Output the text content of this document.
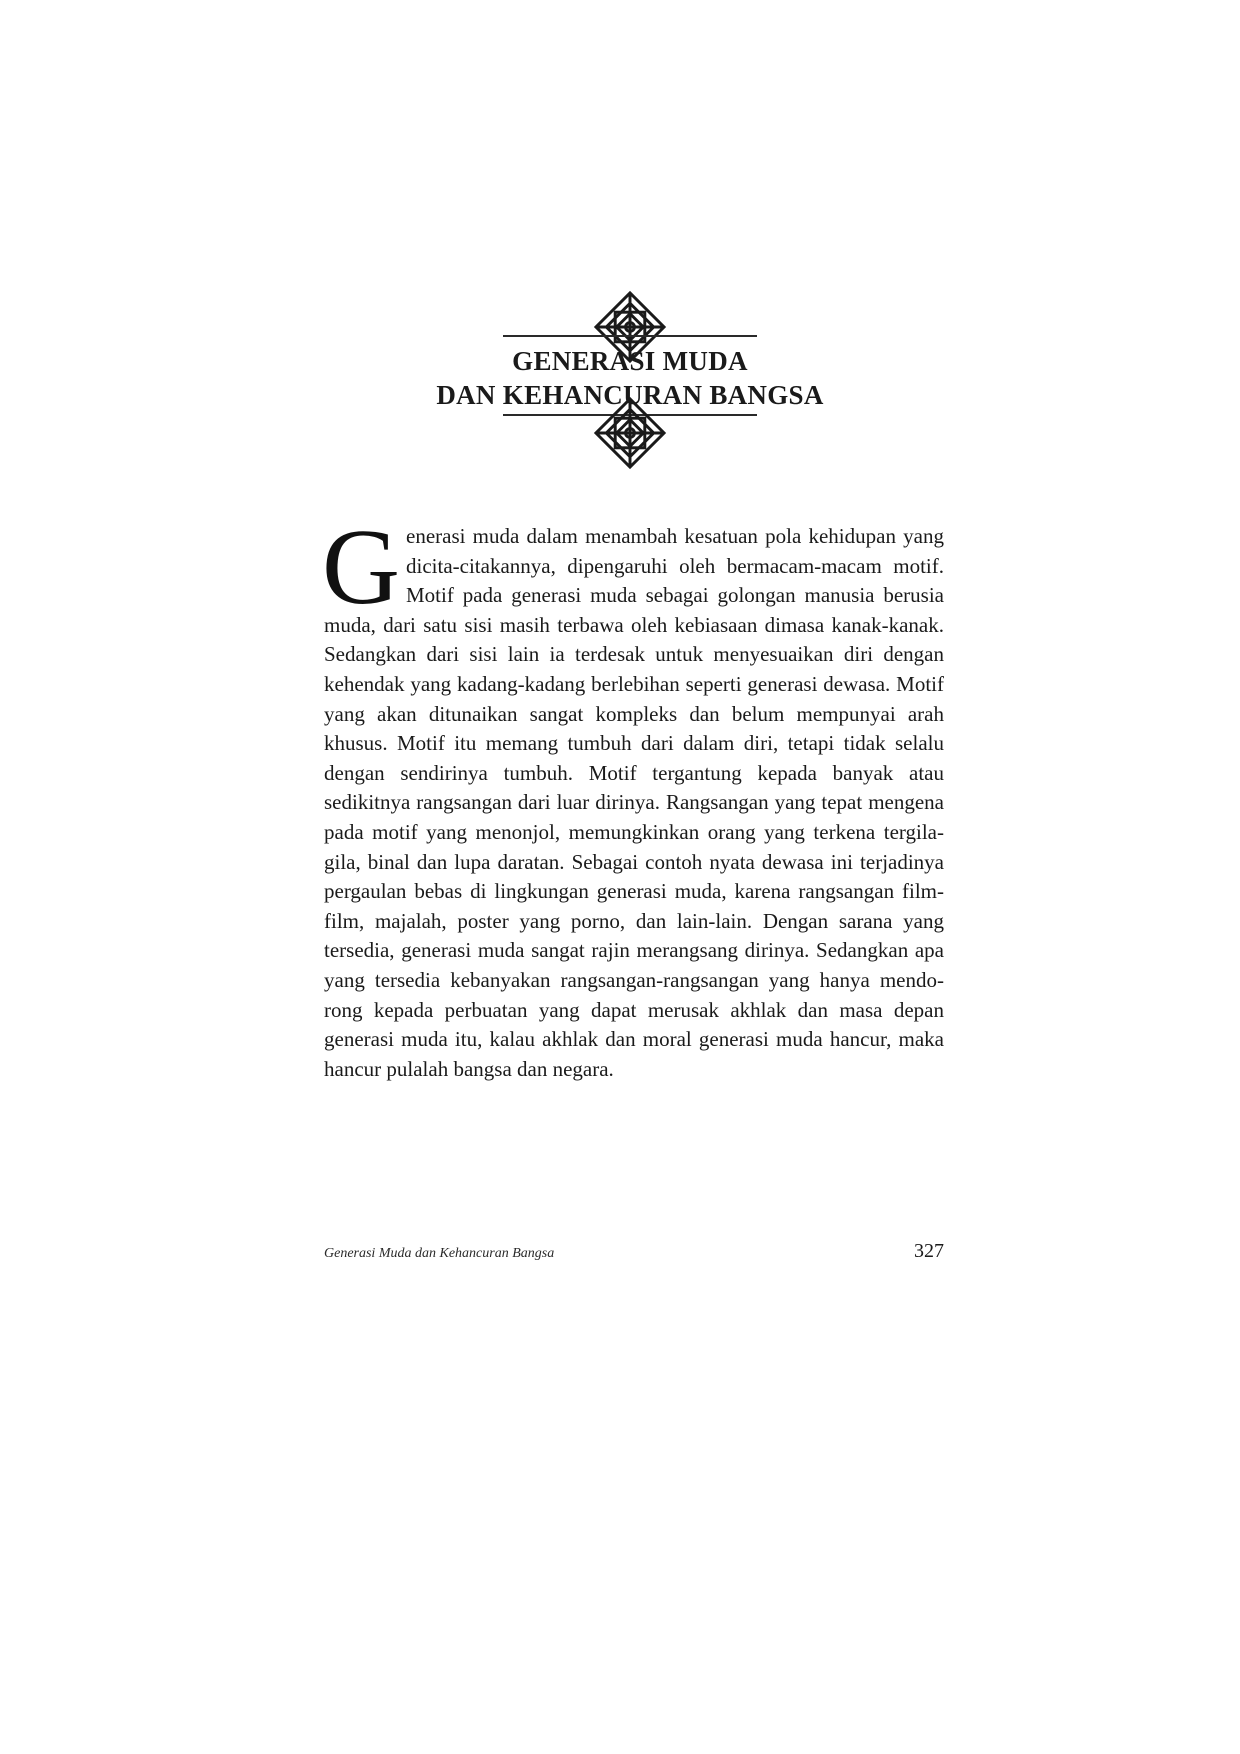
GENERASI MUDA
DAN KEHANCURAN BANGSA
Generasi muda dalam menambah kesatuan pola kehidupan yang dicita-citakannya, dipengaruhi oleh bermacam-macam motif. Motif pada generasi muda sebagai golongan manusia berusia muda, dari satu sisi masih terbawa oleh kebiasaan dimasa kanak-kanak. Sedangkan dari sisi lain ia terdesak untuk menyesuaikan diri dengan kehendak yang kadang-kadang berlebihan seperti generasi dewasa. Motif yang akan ditunaikan sangat kompleks dan belum mempunyai arah khusus. Motif itu memang tumbuh dari dalam diri, tetapi tidak selalu dengan sendirinya tumbuh. Motif tergantung kepada banyak atau sedikitnya rangsangan dari luar dirinya. Rangsangan yang tepat mengena pada motif yang menonjol, memungkinkan orang yang terkena tergila-gila, binal dan lupa daratan. Sebagai contoh nyata dewasa ini terjadinya pergaulan bebas di lingkungan generasi muda, karena rangsangan film-film, majalah, poster yang porno, dan lain-lain. Dengan sarana yang tersedia, generasi muda sangat rajin merangsang dirinya. Sedangkan apa yang tersedia kebanyakan rangsangan-rangsangan yang hanya mendorong kepada perbuatan yang dapat merusak akhlak dan masa depan generasi muda itu, kalau akhlak dan moral generasi muda hancur, maka hancur pulalah bangsa dan negara.
Generasi Muda dan Kehancuran Bangsa	327
